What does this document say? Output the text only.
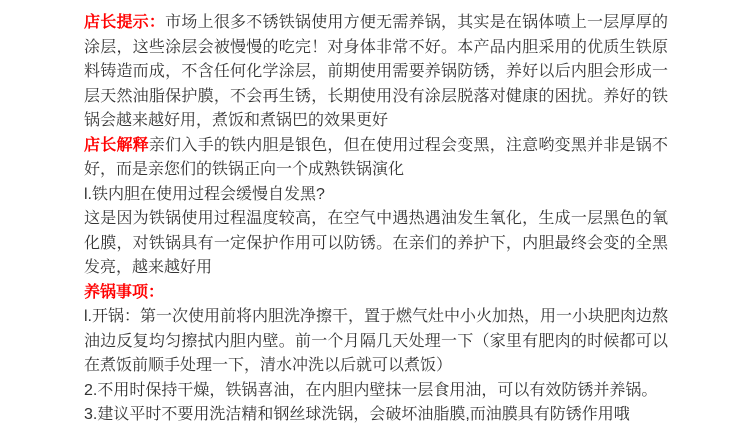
店长提示：市场上很多不锈铁锅使用方便无需养锅，其实是在锅体喷上一层厚厚的涂层，这些涂层会被慢慢的吃完！对身体非常不好。本产品内胆采用的优质生铁原料铸造而成，不含任何化学涂层，前期使用需要养锅防锈，养好以后内胆会形成一层天然油脂保护膜，不会再生锈，长期使用没有涂层脱落对健康的困扰。养好的铁锅会越来越好用，煮饭和煮锅巴的效果更好

店长解释亲们入手的铁内胆是银色，但在使用过程会变黑，注意哟变黑并非是锅不好，而是亲您们的铁锅正向一个成熟铁锅演化

l.铁内胆在使用过程会缓慢自发黑?

这是因为铁锅使用过程温度较高，在空气中遇热遇油发生氧化，生成一层黑色的氧化膜，对铁锅具有一定保护作用可以防锈。在亲们的养护下，内胆最终会变的全黑发亮，越来越好用

养锅事项：

l.开锅：第一次使用前将内胆洗净擦干，置于燃气灶中小火加热，用一小块肥肉边熬油边反复均匀擦拭内胆内壁。前一个月隔几天处理一下（家里有肥肉的时候都可以在煮饭前顺手处理一下，清水冲洗以后就可以煮饭）

2.不用时保持干燥，铁锅喜油，在内胆内壁抹一层食用油，可以有效防锈并养锅。

3.建议平时不要用洗洁精和钢丝球洗锅，会破坏油脂膜,而油膜具有防锈作用哦
